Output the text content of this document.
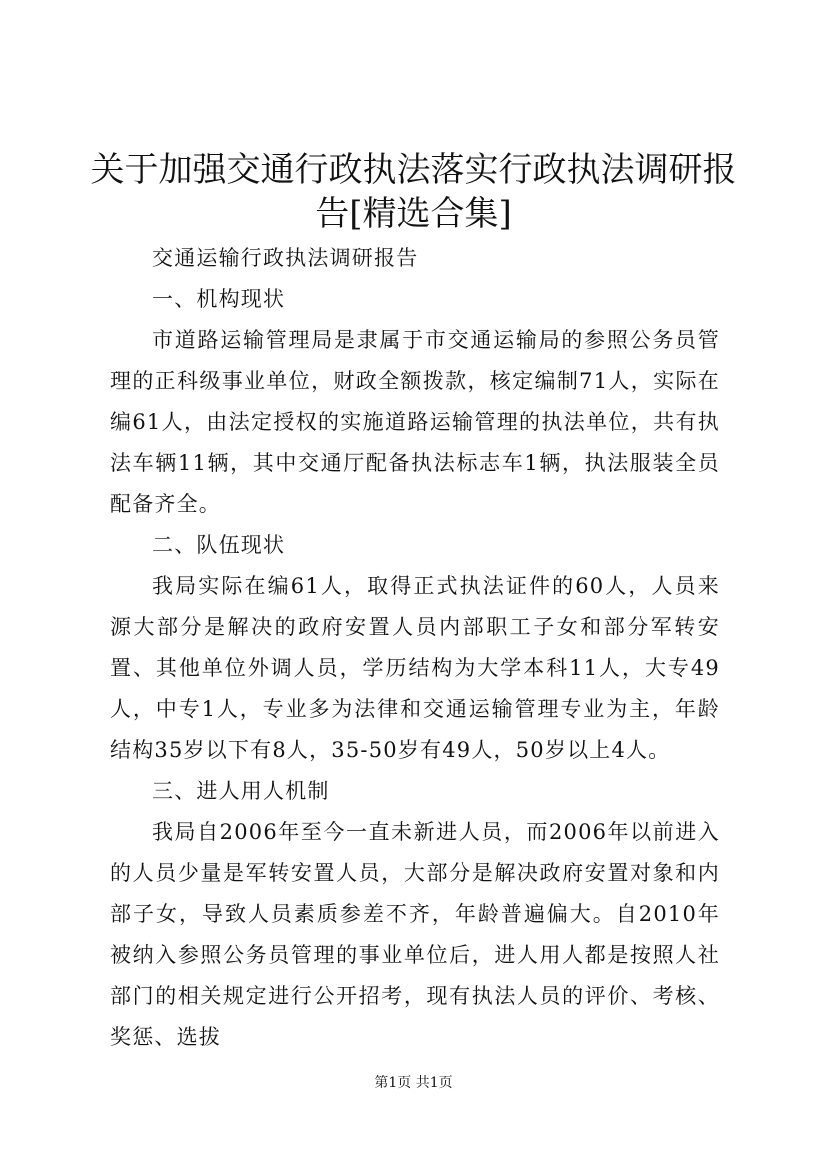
关于加强交通行政执法落实行政执法调研报告[精选合集]

交通运输行政执法调研报告

一、机构现状

市道路运输管理局是隶属于市交通运输局的参照公务员管理的正科级事业单位，财政全额拨款，核定编制71人，实际在编61人，由法定授权的实施道路运输管理的执法单位，共有执法车辆11辆，其中交通厅配备执法标志车1辆，执法服装全员配备齐全。

二、队伍现状

我局实际在编61人，取得正式执法证件的60人，人员来源大部分是解决的政府安置人员内部职工子女和部分军转安置、其他单位外调人员，学历结构为大学本科11人，大专49人，中专1人，专业多为法律和交通运输管理专业为主，年龄结构35岁以下有8人，35-50岁有49人，50岁以上4人。

三、进人用人机制

我局自2006年至今一直未新进人员，而2006年以前进入的人员少量是军转安置人员，大部分是解决政府安置对象和内部子女，导致人员素质参差不齐，年龄普遍偏大。自2010年被纳入参照公务员管理的事业单位后，进人用人都是按照人社部门的相关规定进行公开招考，现有执法人员的评价、考核、奖惩、选拔

第1页 共1页
